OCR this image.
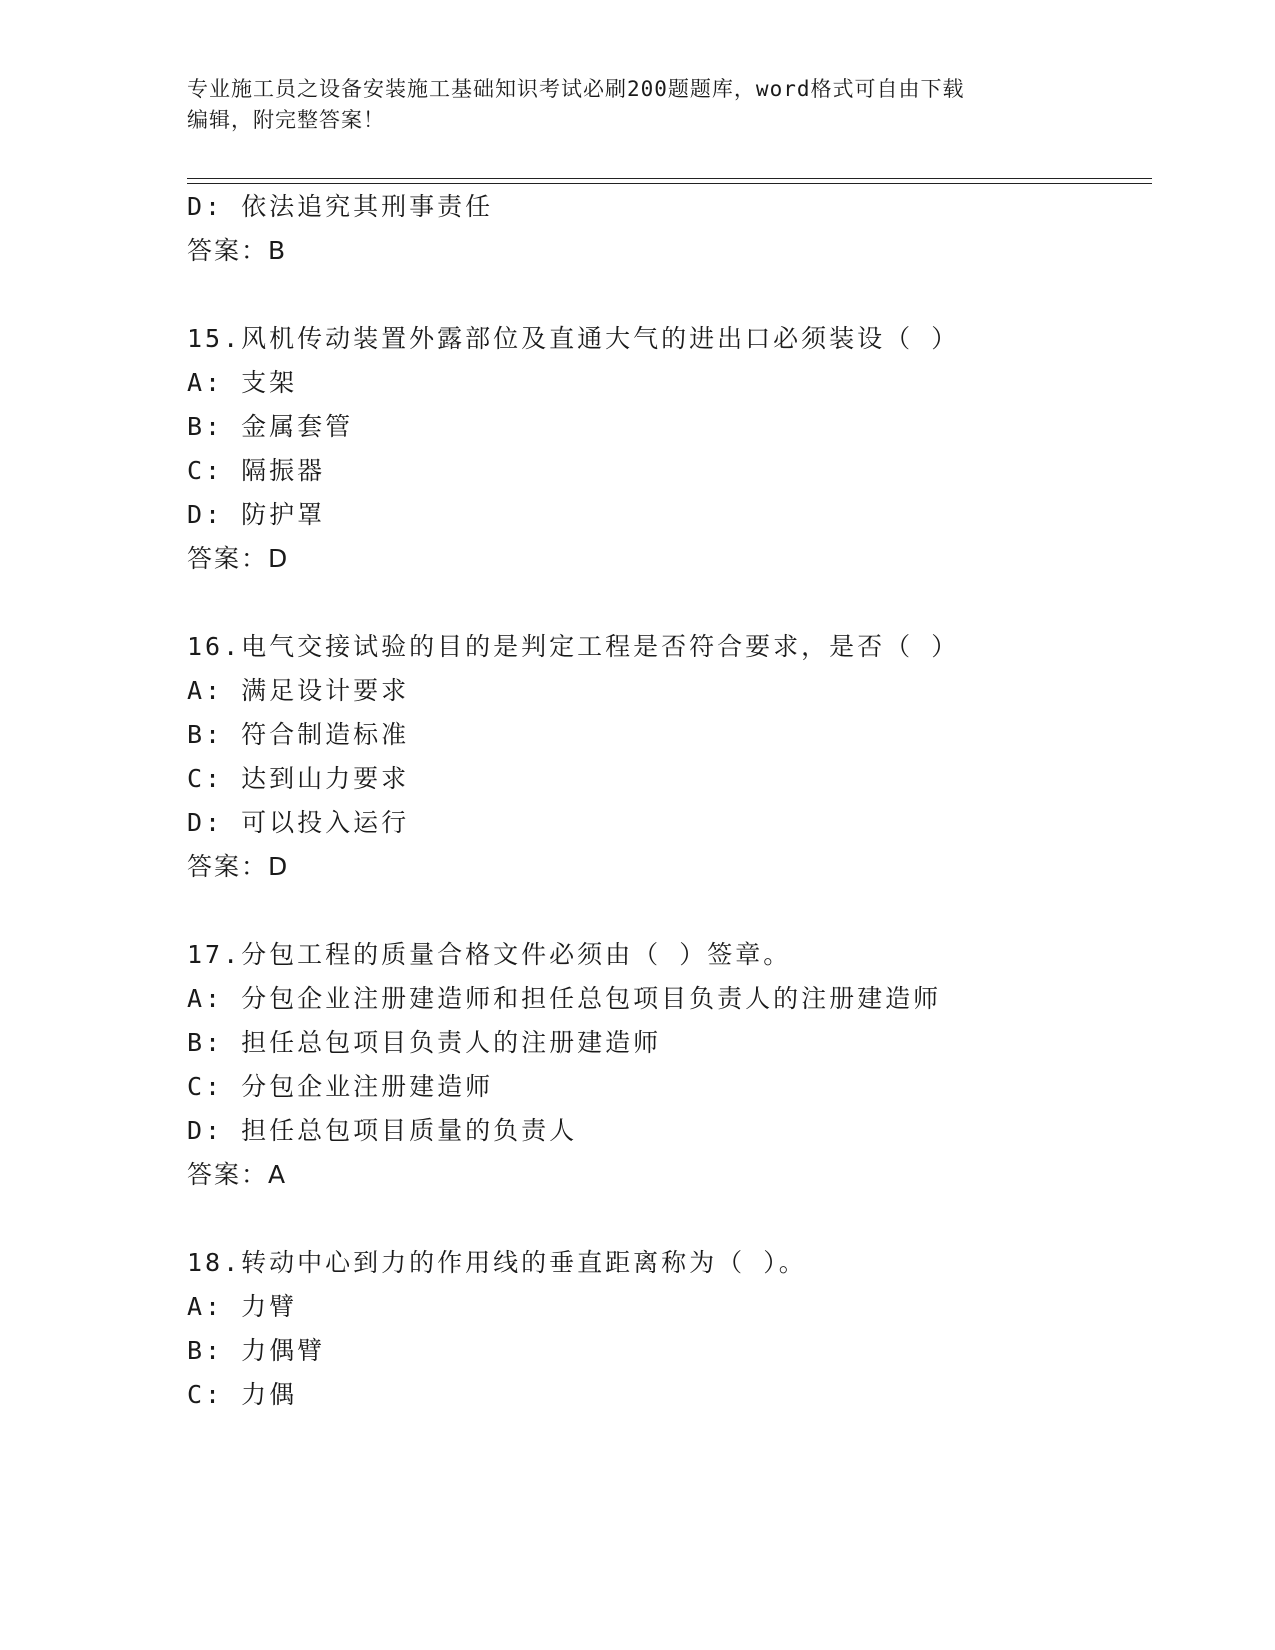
专业施工员之设备安装施工基础知识考试必刷200题题库，word格式可自由下载
编辑，附完整答案！
D: 依法追究其刑事责任
答案：B
15.风机传动装置外露部位及直通大气的进出口必须装设（ ）
A: 支架
B: 金属套管
C: 隔振器
D: 防护罩
答案：D
16.电气交接试验的目的是判定工程是否符合要求，是否（ ）
A: 满足设计要求
B: 符合制造标准
C: 达到山力要求
D: 可以投入运行
答案：D
17.分包工程的质量合格文件必须由（ ）签章。
A: 分包企业注册建造师和担任总包项目负责人的注册建造师
B: 担任总包项目负责人的注册建造师
C: 分包企业注册建造师
D: 担任总包项目质量的负责人
答案：A
18.转动中心到力的作用线的垂直距离称为（ ）。
A: 力臂
B: 力偶臂
C: 力偶
